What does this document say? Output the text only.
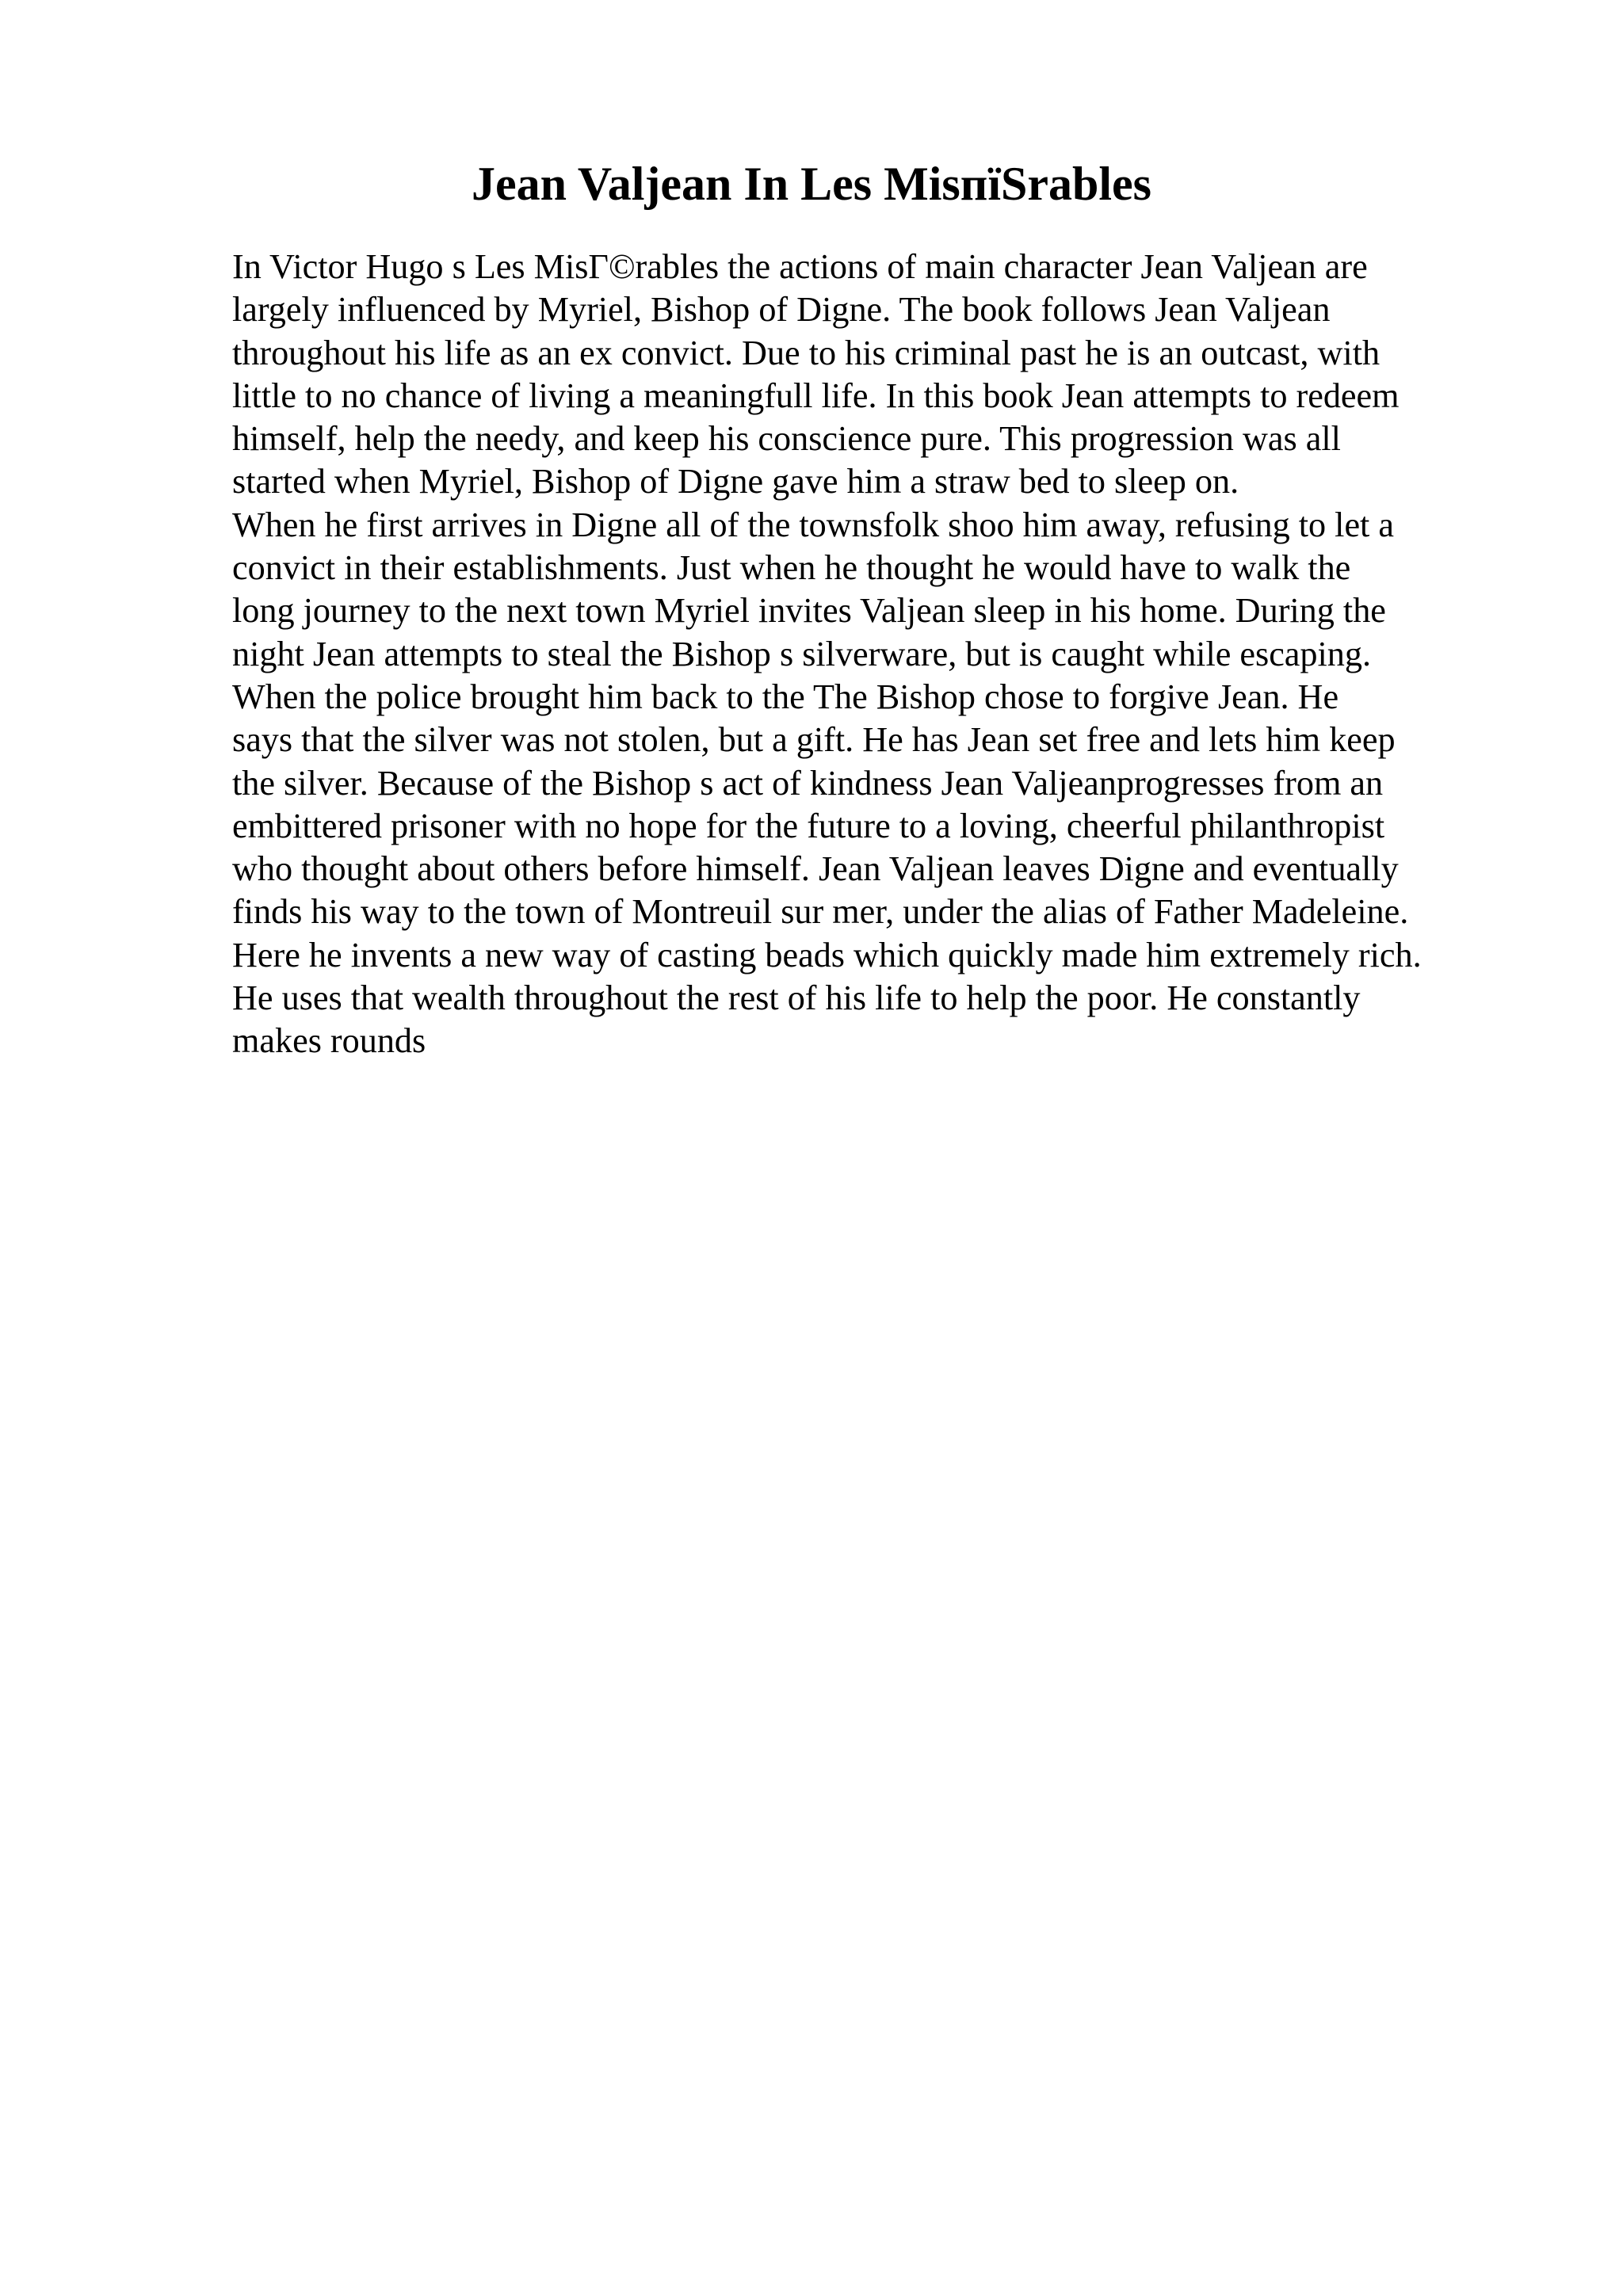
Jean Valjean In Les MisпїЅrables
In Victor Hugo s Les MisГ©rables the actions of main character Jean Valjean are
largely influenced by Myriel, Bishop of Digne. The book follows Jean Valjean
throughout his life as an ex convict. Due to his criminal past he is an outcast, with
little to no chance of living a meaningfull life. In this book Jean attempts to redeem
himself, help the needy, and keep his conscience pure. This progression was all
started when Myriel, Bishop of Digne gave him a straw bed to sleep on.
When he first arrives in Digne all of the townsfolk shoo him away, refusing to let a
convict in their establishments. Just when he thought he would have to walk the
long journey to the next town Myriel invites Valjean sleep in his home. During the
night Jean attempts to steal the Bishop s silverware, but is caught while escaping.
When the police brought him back to the The Bishop chose to forgive Jean. He
says that the silver was not stolen, but a gift. He has Jean set free and lets him keep
the silver. Because of the Bishop s act of kindness Jean Valjeanprogresses from an
embittered prisoner with no hope for the future to a loving, cheerful philanthropist
who thought about others before himself. Jean Valjean leaves Digne and eventually
finds his way to the town of Montreuil sur mer, under the alias of Father Madeleine.
Here he invents a new way of casting beads which quickly made him extremely rich.
He uses that wealth throughout the rest of his life to help the poor. He constantly
makes rounds
